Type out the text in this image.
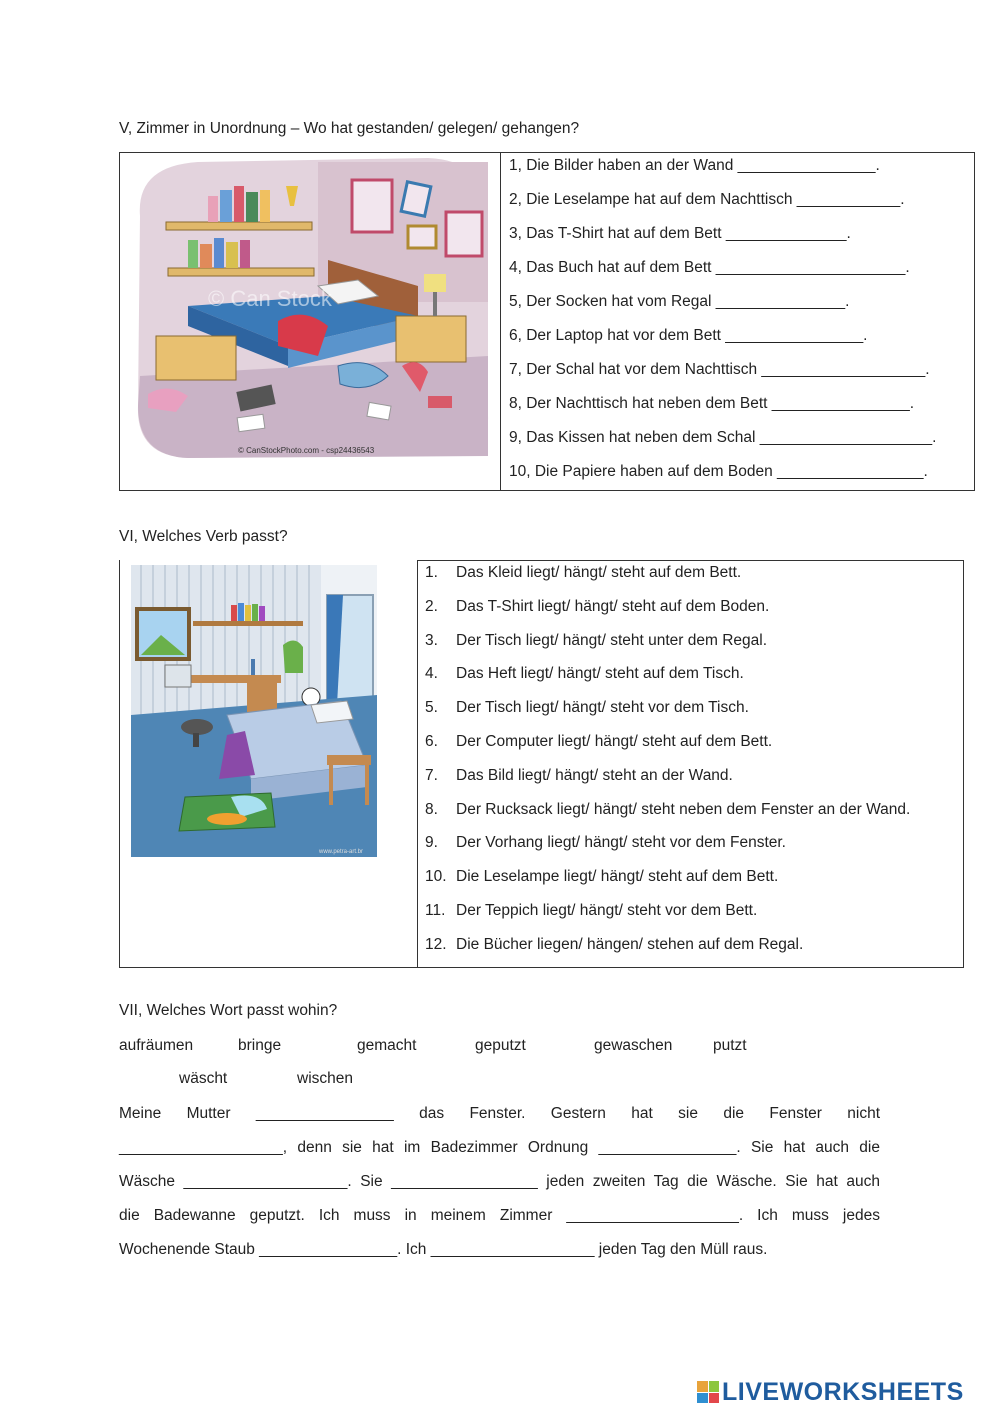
V, Zimmer in Unordnung – Wo hat gestanden/ gelegen/ gehangen?
© Can Stock
© CanStockPhoto.com - csp24436543
1, Die Bilder haben an der Wand ________________.
2, Die Leselampe hat auf dem Nachttisch ____________.
3, Das T-Shirt hat auf dem Bett ______________.
4, Das Buch hat auf dem Bett ______________________.
5, Der Socken hat vom Regal _______________.
6, Der Laptop hat vor dem Bett ________________.
7, Der Schal hat vor dem Nachttisch ___________________.
8, Der Nachttisch hat neben dem Bett ________________.
9, Das Kissen hat neben dem Schal ____________________.
10, Die Papiere haben auf dem Boden _________________.
VI, Welches Verb passt?
www.petra-art.br
1. Das Kleid liegt/ hängt/ steht auf dem Bett.
2. Das T-Shirt liegt/ hängt/ steht auf dem Boden.
3. Der Tisch liegt/ hängt/ steht unter dem Regal.
4. Das Heft liegt/ hängt/ steht auf dem Tisch.
5. Der Tisch liegt/ hängt/ steht vor dem Tisch.
6. Der Computer liegt/ hängt/ steht auf dem Bett.
7. Das Bild liegt/ hängt/ steht an der Wand.
8. Der Rucksack liegt/ hängt/ steht neben dem Fenster an der Wand.
9. Der Vorhang liegt/ hängt/ steht vor dem Fenster.
10. Die Leselampe liegt/ hängt/ steht auf dem Bett.
11. Der Teppich liegt/ hängt/ steht vor dem Bett.
12. Die Bücher liegen/ hängen/ stehen auf dem Regal.
VII, Welches Wort passt wohin?
aufräumen	bringe	gemacht	geputzt	gewaschen	putzt
wäscht	wischen
Meine Mutter ________________ das Fenster. Gestern hat sie die Fenster nicht
___________________, denn sie hat im Badezimmer Ordnung ________________. Sie hat auch die
Wäsche ___________________. Sie _________________ jeden zweiten Tag die Wäsche. Sie hat auch
die Badewanne geputzt. Ich muss in meinem Zimmer ____________________. Ich muss jedes
Wochenende Staub ________________. Ich ___________________ jeden Tag den Müll raus.
LIVEWORKSHEETS
